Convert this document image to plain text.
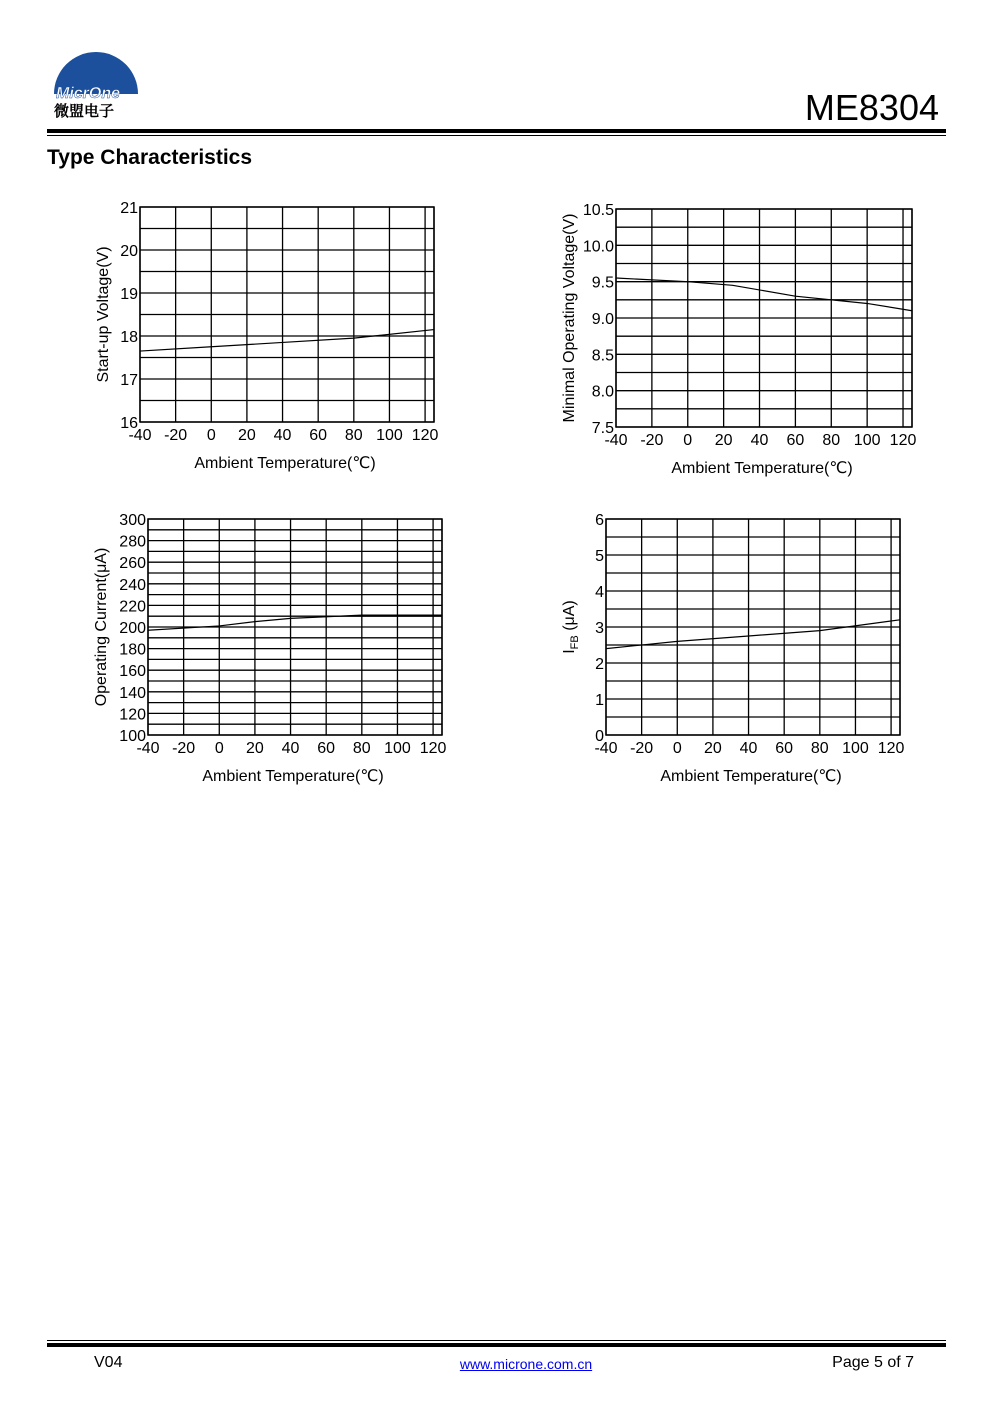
MicrOne
微盟电子	ME8304
Type Characteristics
-40 -20 0 20 40 60 80 100 120
16
17
18
19
20
21
Ambient Temperature(℃)
Start-up Voltage(V)
-40 -20 0 20 40 60 80 100 120
7.5
8.0
8.5
9.0
9.5
10.0
10.5
Ambient Temperature(℃)
Minimal Operating Voltage(V)
-40 -20 0 20 40 60 80 100 120
100
120
140
160
180
200
220
240
260
280
300
Ambient Temperature(℃)
Operating Current(μA)
-40 -20 0 20 40 60 80 100 120
0
1
2
3
4
5
6
Ambient Temperature(℃)
$I_{FB}$ (μA)
V04	www.microne.com.cn	Page 5 of 7
